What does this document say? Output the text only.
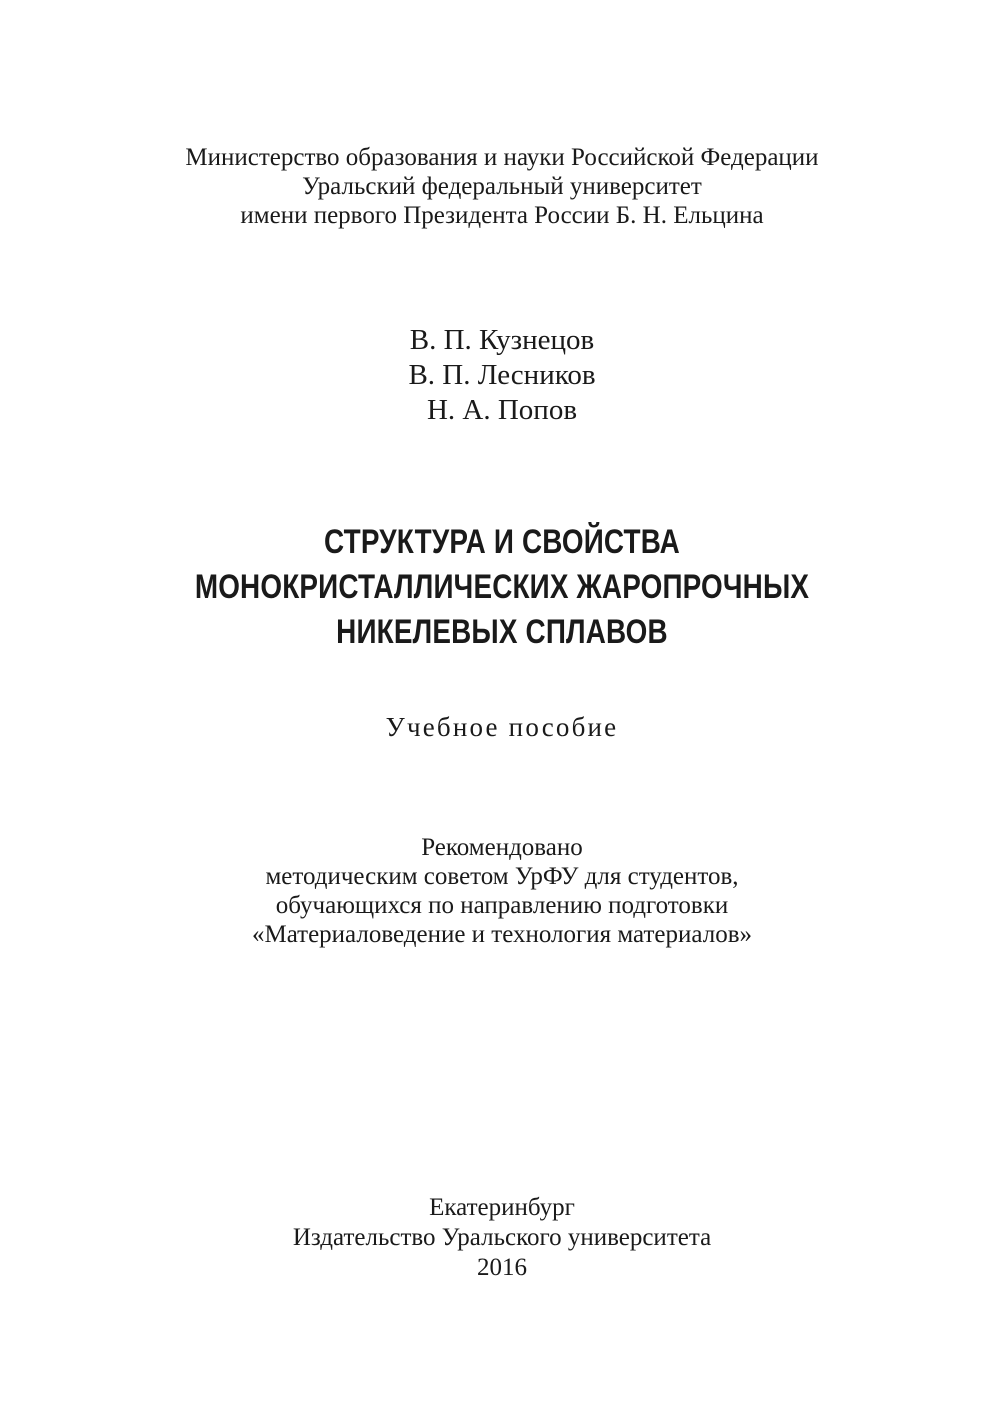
Министерство образования и науки Российской Федерации
Уральский федеральный университет
имени первого Президента России Б. Н. Ельцина
В. П. Кузнецов
В. П. Лесников
Н. А. Попов
СТРУКТУРА И СВОЙСТВА
МОНОКРИСТАЛЛИЧЕСКИХ ЖАРОПРОЧНЫХ
НИКЕЛЕВЫХ СПЛАВОВ
Учебное пособие
Рекомендовано
методическим советом УрФУ для студентов,
обучающихся по направлению подготовки
«Материаловедение и технология материалов»
Екатеринбург
Издательство Уральского университета
2016
